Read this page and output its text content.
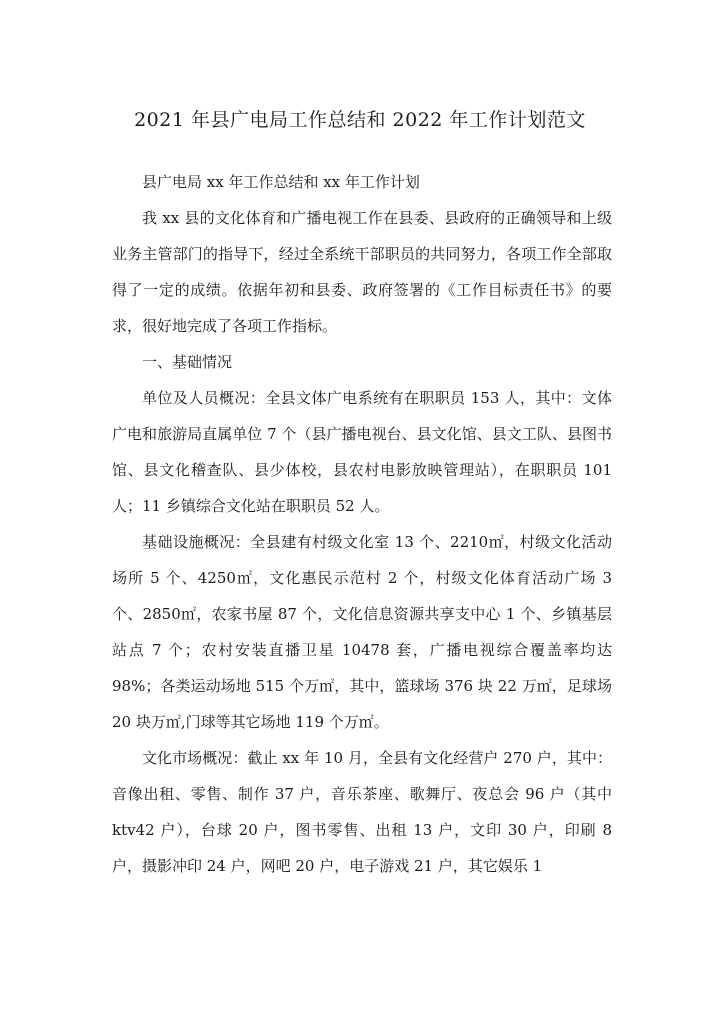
2021 年县广电局工作总结和 2022 年工作计划范文

县广电局 xx 年工作总结和 xx 年工作计划

我 xx 县的文化体育和广播电视工作在县委、县政府的正确领导和上级业务主管部门的指导下，经过全系统干部职员的共同努力，各项工作全部取得了一定的成绩。依据年初和县委、政府签署的《工作目标责任书》的要求，很好地完成了各项工作指标。

一、基础情况

单位及人员概况：全县文体广电系统有在职职员 153 人，其中：文体广电和旅游局直属单位 7 个（县广播电视台、县文化馆、县文工队、县图书馆、县文化稽查队、县少体校，县农村电影放映管理站），在职职员 101 人；11 乡镇综合文化站在职职员 52 人。

基础设施概况：全县建有村级文化室 13 个、2210㎡，村级文化活动场所 5 个、4250㎡，文化惠民示范村 2 个，村级文化体育活动广场 3 个、2850㎡，农家书屋 87 个，文化信息资源共享支中心 1 个、乡镇基层站点 7 个；农村安装直播卫星 10478 套，广播电视综合覆盖率均达 98%；各类运动场地 515 个万㎡，其中，篮球场 376 块 22 万㎡，足球场 20 块万㎡,门球等其它场地 119 个万㎡。

文化市场概况：截止 xx 年 10 月，全县有文化经营户 270 户，其中：音像出租、零售、制作 37 户，音乐茶座、歌舞厅、夜总会 96 户（其中 ktv42 户），台球 20 户，图书零售、出租 13 户，文印 30 户，印刷 8 户，摄影冲印 24 户，网吧 20 户，电子游戏 21 户，其它娱乐 1
